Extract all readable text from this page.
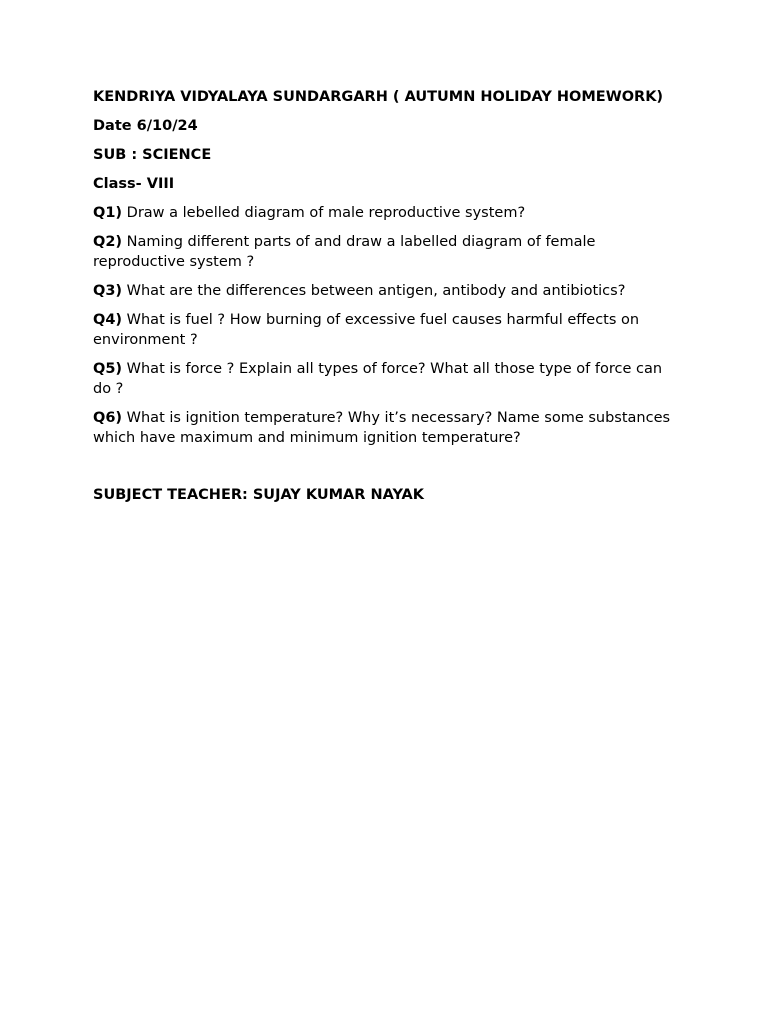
KENDRIYA VIDYALAYA SUNDARGARH ( AUTUMN HOLIDAY HOMEWORK)
Date 6/10/24
SUB : SCIENCE
Class- VIII
Q1) Draw a lebelled diagram of male reproductive system?
Q2) Naming different parts of and draw a labelled diagram of female reproductive system ?
Q3) What are the differences between antigen, antibody and antibiotics?
Q4) What is fuel ? How burning of excessive fuel causes harmful effects on environment ?
Q5) What is force ? Explain all types of force? What all those type of force can do ?
Q6) What is ignition temperature? Why it’s necessary? Name some substances which have maximum and minimum ignition temperature?
SUBJECT TEACHER: SUJAY KUMAR NAYAK
